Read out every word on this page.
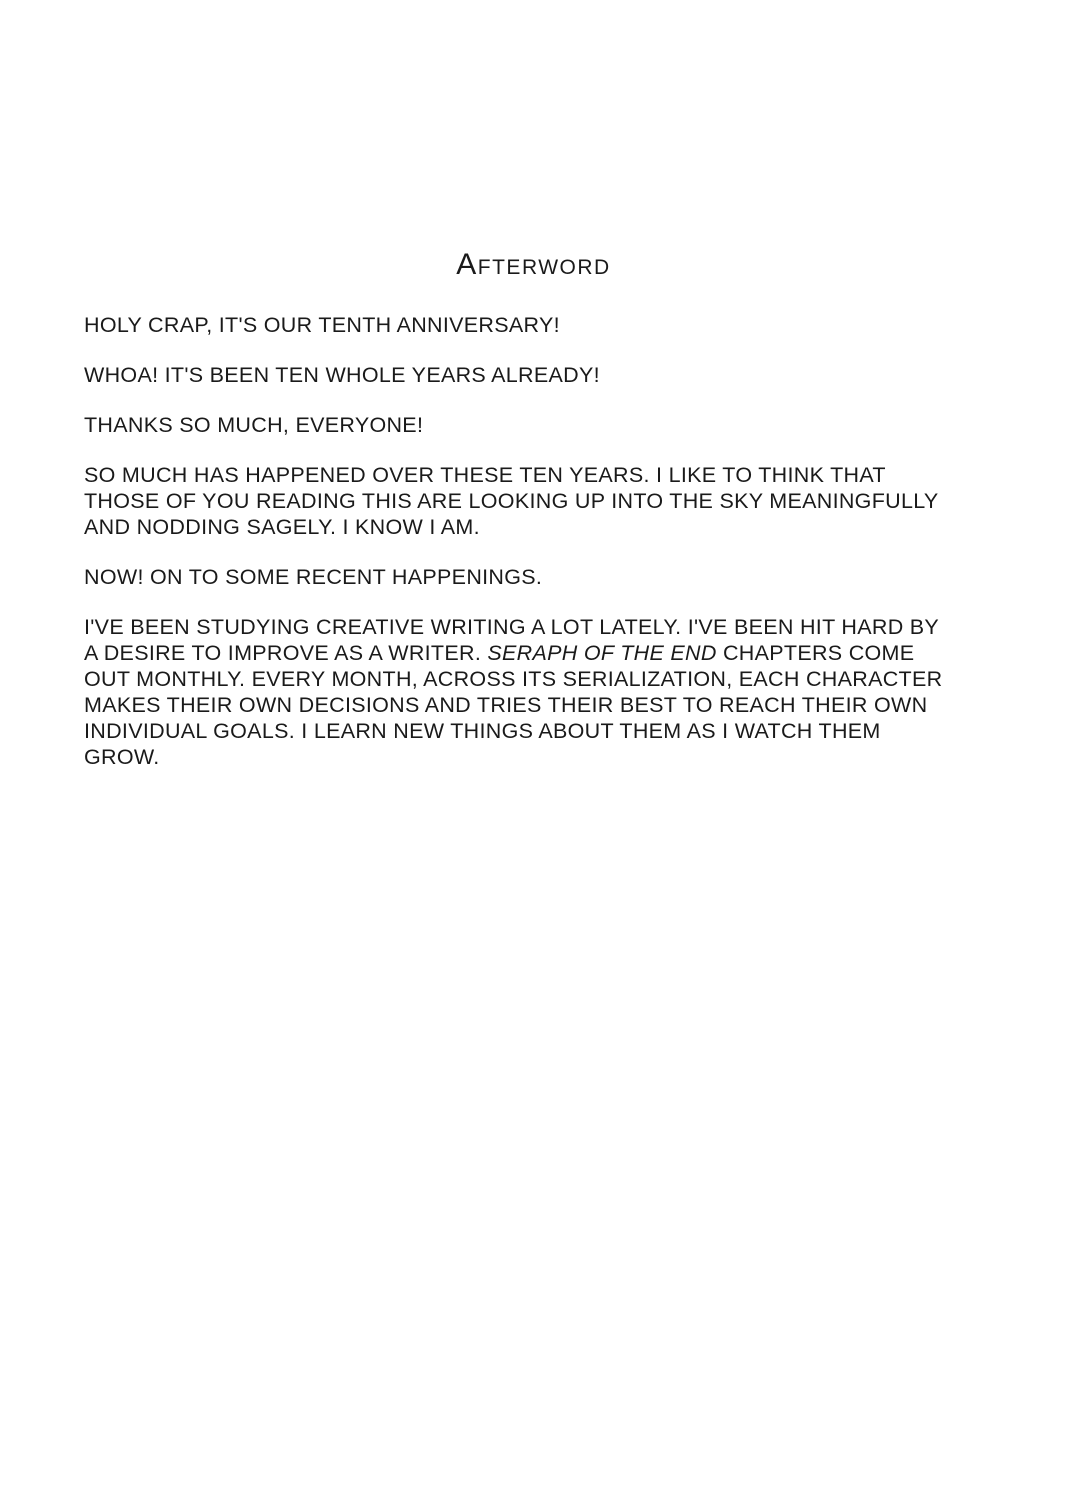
Afterword

HOLY CRAP, IT'S OUR TENTH ANNIVERSARY!

WHOA! IT'S BEEN TEN WHOLE YEARS ALREADY!

THANKS SO MUCH, EVERYONE!

SO MUCH HAS HAPPENED OVER THESE TEN YEARS. I LIKE TO THINK THAT THOSE OF YOU READING THIS ARE LOOKING UP INTO THE SKY MEANINGFULLY AND NODDING SAGELY. I KNOW I AM.

NOW! ON TO SOME RECENT HAPPENINGS.

I'VE BEEN STUDYING CREATIVE WRITING A LOT LATELY. I'VE BEEN HIT HARD BY A DESIRE TO IMPROVE AS A WRITER. SERAPH OF THE END CHAPTERS COME OUT MONTHLY. EVERY MONTH, ACROSS ITS SERIALIZATION, EACH CHARACTER MAKES THEIR OWN DECISIONS AND TRIES THEIR BEST TO REACH THEIR OWN INDIVIDUAL GOALS. I LEARN NEW THINGS ABOUT THEM AS I WATCH THEM GROW.
